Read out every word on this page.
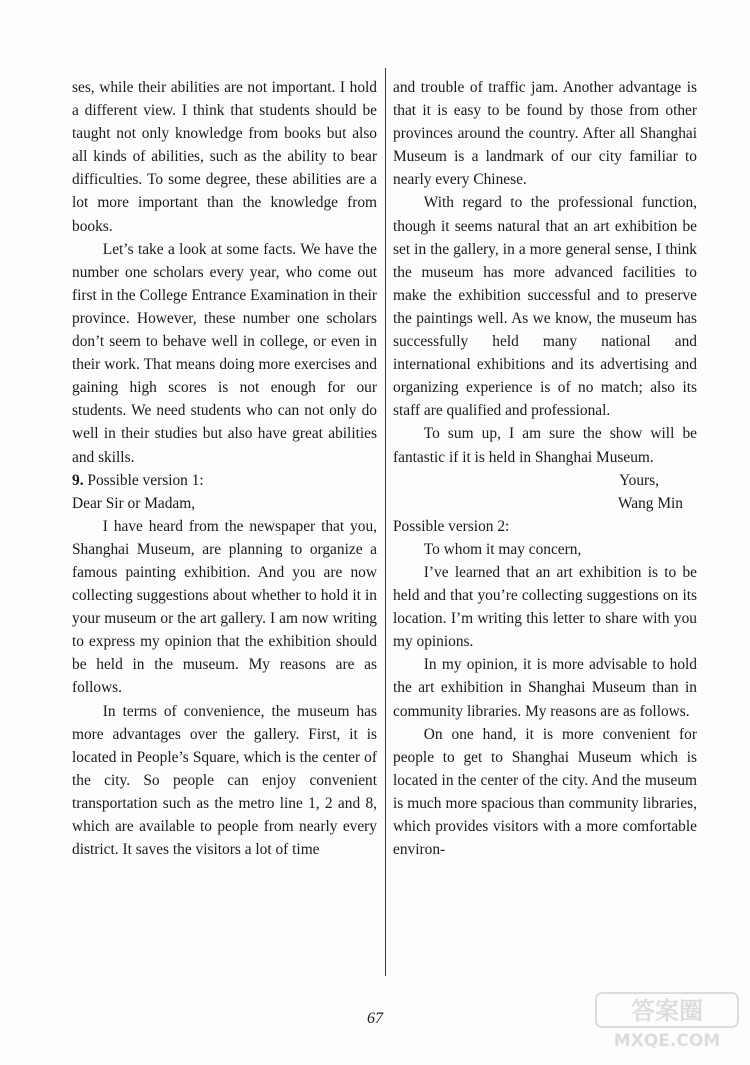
ses, while their abilities are not important. I hold a different view. I think that students should be taught not only knowledge from books but also all kinds of abilities, such as the ability to bear difficulties. To some degree, these abilities are a lot more important than the knowledge from books.

Let’s take a look at some facts. We have the number one scholars every year, who come out first in the College Entrance Examination in their province. However, these number one scholars don’t seem to behave well in college, or even in their work. That means doing more exercises and gaining high scores is not enough for our students. We need students who can not only do well in their studies but also have great abilities and skills.

9. Possible version 1:

Dear Sir or Madam,

I have heard from the newspaper that you, Shanghai Museum, are planning to organize a famous painting exhibition. And you are now collecting suggestions about whether to hold it in your museum or the art gallery. I am now writing to express my opinion that the exhibition should be held in the museum. My reasons are as follows.

In terms of convenience, the museum has more advantages over the gallery. First, it is located in People’s Square, which is the center of the city. So people can enjoy convenient transportation such as the metro line 1, 2 and 8, which are available to people from nearly every district. It saves the visitors a lot of time

and trouble of traffic jam. Another advantage is that it is easy to be found by those from other provinces around the country. After all Shanghai Museum is a landmark of our city familiar to nearly every Chinese.

With regard to the professional function, though it seems natural that an art exhibition be set in the gallery, in a more general sense, I think the museum has more advanced facilities to make the exhibition successful and to preserve the paintings well. As we know, the museum has successfully held many national and international exhibitions and its advertising and organizing experience is of no match; also its staff are qualified and professional.

To sum up, I am sure the show will be fantastic if it is held in Shanghai Museum.

Yours,

Wang Min

Possible version 2:

To whom it may concern,

I’ve learned that an art exhibition is to be held and that you’re collecting suggestions on its location. I’m writing this letter to share with you my opinions.

In my opinion, it is more advisable to hold the art exhibition in Shanghai Museum than in community libraries. My reasons are as follows.

On one hand, it is more convenient for people to get to Shanghai Museum which is located in the center of the city. And the museum is much more spacious than community libraries, which provides visitors with a more comfortable environ-

67	答案圈
MXQE.COM
